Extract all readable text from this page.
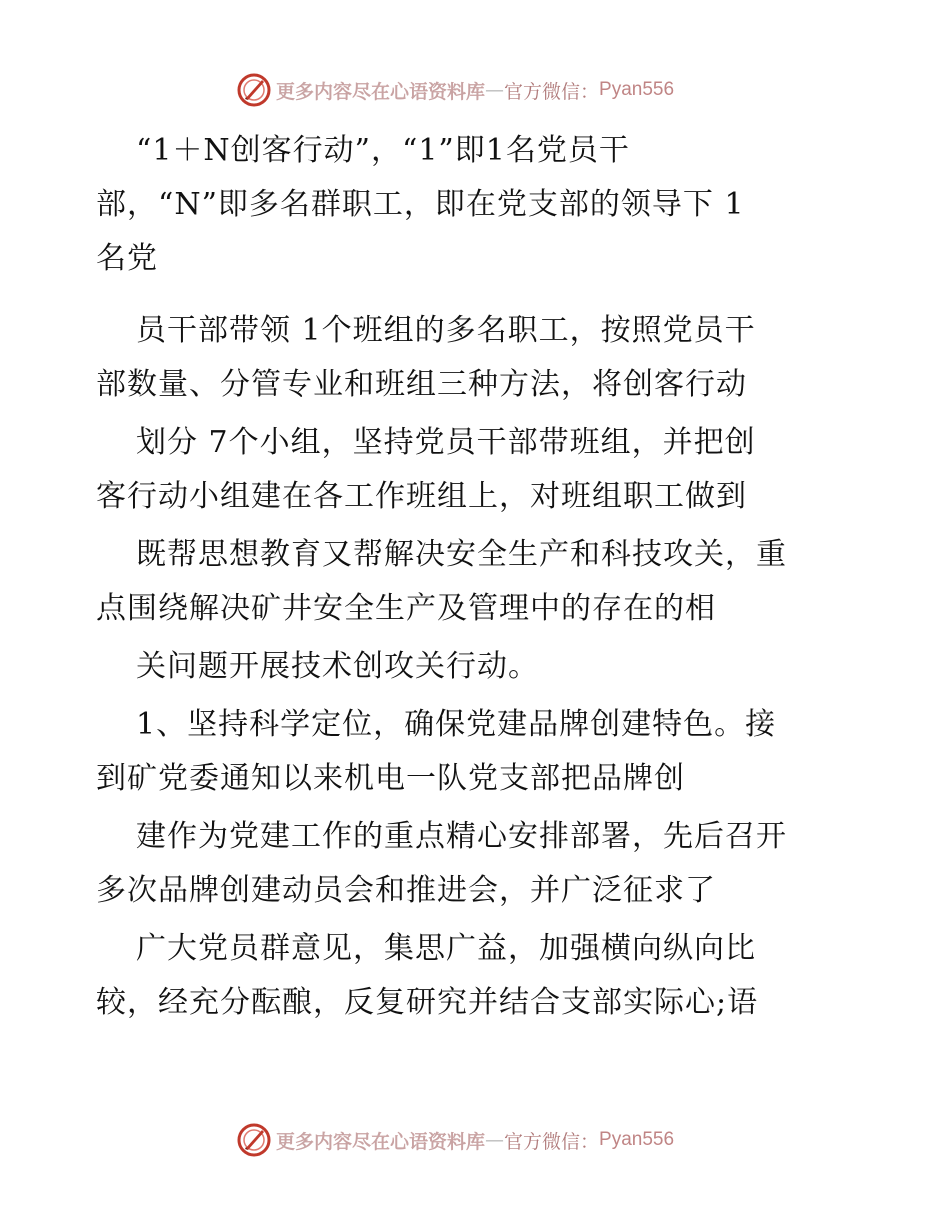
更多内容尽在心语资料库 — 官方微信： Pyan556
“1＋N创客行动”，“1”即1名党员干
部，“N”即多名群职工，即在党支部的领导下 1
名党
员干部带领 1个班组的多名职工，按照党员干
部数量、分管专业和班组三种方法，将创客行动
划分 7个小组，坚持党员干部带班组，并把创
客行动小组建在各工作班组上，对班组职工做到
既帮思想教育又帮解决安全生产和科技攻关，重
点围绕解决矿井安全生产及管理中的存在的相
关问题开展技术创攻关行动。
1、坚持科学定位，确保党建品牌创建特色。接
到矿党委通知以来机电一队党支部把品牌创
建作为党建工作的重点精心安排部署，先后召开
多次品牌创建动员会和推进会，并广泛征求了
广大党员群意见，集思广益，加强横向纵向比
较，经充分酝酿，反复研究并结合支部实际心;语
更多内容尽在心语资料库 — 官方微信： Pyan556
